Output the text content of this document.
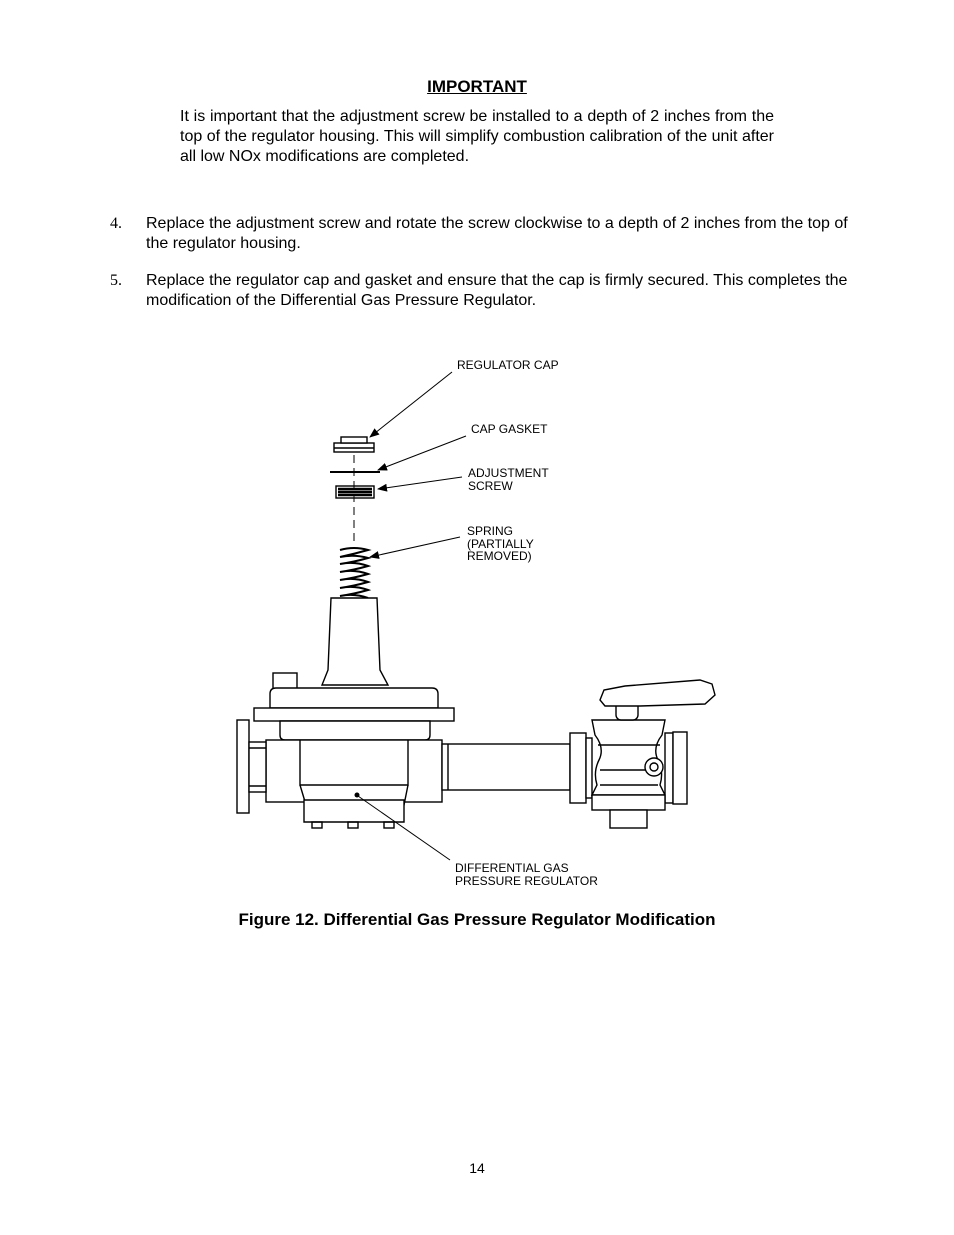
IMPORTANT
It is important that the adjustment screw be installed to a depth of 2 inches from the top of the regulator housing. This will simplify combustion calibration of the unit after all low NOx modifications are completed.
4.	Replace the adjustment screw and rotate the screw clockwise to a depth of 2 inches from the top of the regulator housing.
5.	Replace the regulator cap and gasket and ensure that the cap is firmly secured. This completes the modification of the Differential Gas Pressure Regulator.
REGULATOR CAP
CAP GASKET
ADJUSTMENT
SCREW
SPRING
(PARTIALLY
REMOVED)
DIFFERENTIAL GAS
PRESSURE REGULATOR
Figure 12. Differential Gas Pressure Regulator Modification
14
